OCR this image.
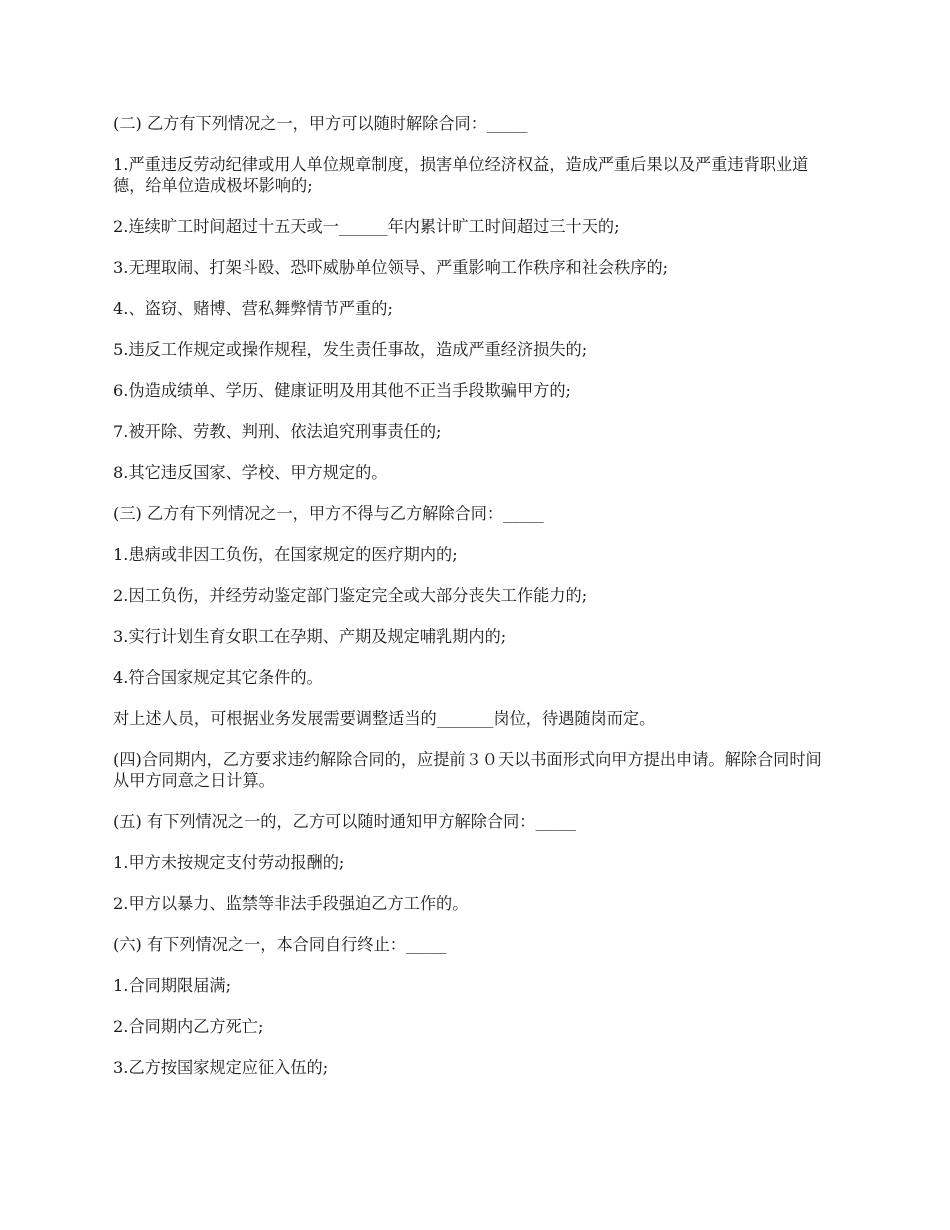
(二) 乙方有下列情况之一，甲方可以随时解除合同：_____

1.严重违反劳动纪律或用人单位规章制度，损害单位经济权益，造成严重后果以及严重违背职业道德，给单位造成极坏影响的;

2.连续旷工时间超过十五天或一______年内累计旷工时间超过三十天的;

3.无理取闹、打架斗殴、恐吓威胁单位领导、严重影响工作秩序和社会秩序的;

4.、盗窃、赌博、营私舞弊情节严重的;

5.违反工作规定或操作规程，发生责任事故，造成严重经济损失的;

6.伪造成绩单、学历、健康证明及用其他不正当手段欺骗甲方的;

7.被开除、劳教、判刑、依法追究刑事责任的;

8.其它违反国家、学校、甲方规定的。

(三) 乙方有下列情况之一，甲方不得与乙方解除合同：_____

1.患病或非因工负伤，在国家规定的医疗期内的;

2.因工负伤，并经劳动鉴定部门鉴定完全或大部分丧失工作能力的;

3.实行计划生育女职工在孕期、产期及规定哺乳期内的;

4.符合国家规定其它条件的。

对上述人员，可根据业务发展需要调整适当的_______岗位，待遇随岗而定。

(四)合同期内，乙方要求违约解除合同的，应提前３０天以书面形式向甲方提出申请。解除合同时间从甲方同意之日计算。

(五) 有下列情况之一的，乙方可以随时通知甲方解除合同：_____

1.甲方未按规定支付劳动报酬的;

2.甲方以暴力、监禁等非法手段强迫乙方工作的。

(六) 有下列情况之一，本合同自行终止：_____

1.合同期限届满;

2.合同期内乙方死亡;

3.乙方按国家规定应征入伍的;
